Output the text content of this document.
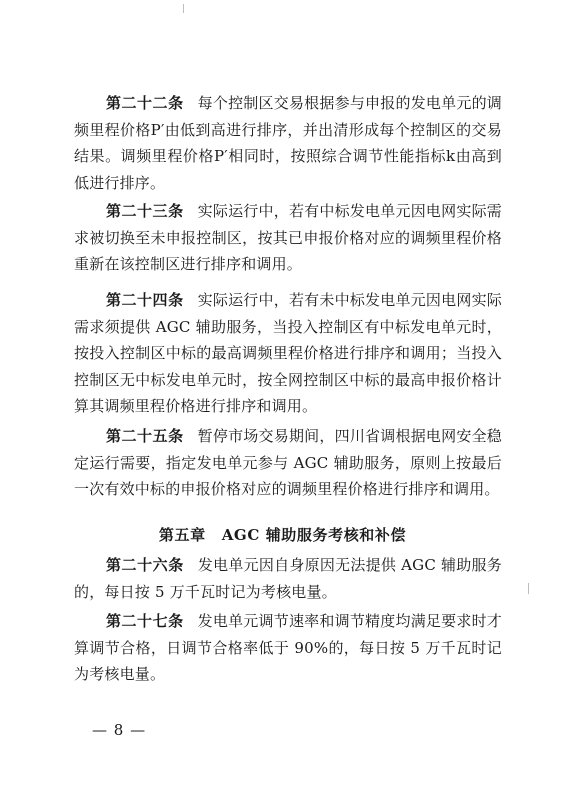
第二十二条 每个控制区交易根据参与申报的发电单元的调频里程价格P′由低到高进行排序，并出清形成每个控制区的交易结果。调频里程价格P′相同时，按照综合调节性能指标k由高到低进行排序。

第二十三条 实际运行中，若有中标发电单元因电网实际需求被切换至未申报控制区，按其已申报价格对应的调频里程价格重新在该控制区进行排序和调用。

第二十四条 实际运行中，若有未中标发电单元因电网实际需求须提供 AGC 辅助服务，当投入控制区有中标发电单元时，按投入控制区中标的最高调频里程价格进行排序和调用；当投入控制区无中标发电单元时，按全网控制区中标的最高申报价格计算其调频里程价格进行排序和调用。

第二十五条 暂停市场交易期间，四川省调根据电网安全稳定运行需要，指定发电单元参与 AGC 辅助服务，原则上按最后一次有效中标的申报价格对应的调频里程价格进行排序和调用。

第五章 AGC 辅助服务考核和补偿

第二十六条 发电单元因自身原因无法提供 AGC 辅助服务的，每日按 5 万千瓦时记为考核电量。

第二十七条 发电单元调节速率和调节精度均满足要求时才算调节合格，日调节合格率低于 90%的，每日按 5 万千瓦时记为考核电量。

— 8 —
